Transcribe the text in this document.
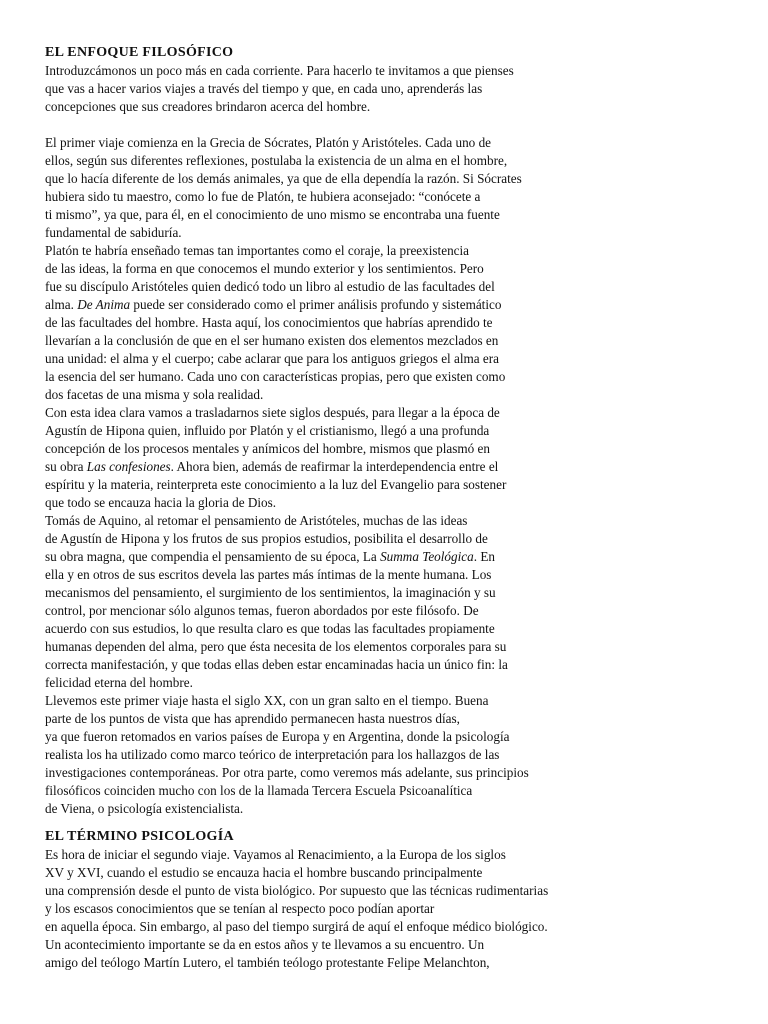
EL ENFOQUE FILOSÓFICO
Introduzcámonos un poco más en cada corriente. Para hacerlo te invitamos a que pienses
que vas a hacer varios viajes a través del tiempo y que, en cada uno, aprenderás las
concepciones que sus creadores brindaron acerca del hombre.
El primer viaje comienza en la Grecia de Sócrates, Platón y Aristóteles. Cada uno de
ellos, según sus diferentes reflexiones, postulaba la existencia de un alma en el hombre,
que lo hacía diferente de los demás animales, ya que de ella dependía la razón. Si Sócrates
hubiera sido tu maestro, como lo fue de Platón, te hubiera aconsejado: “conócete a
ti mismo”, ya que, para él, en el conocimiento de uno mismo se encontraba una fuente
fundamental de sabiduría.
Platón te habría enseñado temas tan importantes como el coraje, la preexistencia
de las ideas, la forma en que conocemos el mundo exterior y los sentimientos. Pero
fue su discípulo Aristóteles quien dedicó todo un libro al estudio de las facultades del
alma. De Anima puede ser considerado como el primer análisis profundo y sistemático
de las facultades del hombre. Hasta aquí, los conocimientos que habrías aprendido te
llevarían a la conclusión de que en el ser humano existen dos elementos mezclados en
una unidad: el alma y el cuerpo; cabe aclarar que para los antiguos griegos el alma era
la esencia del ser humano. Cada uno con características propias, pero que existen como
dos facetas de una misma y sola realidad.
Con esta idea clara vamos a trasladarnos siete siglos después, para llegar a la época de
Agustín de Hipona quien, influido por Platón y el cristianismo, llegó a una profunda
concepción de los procesos mentales y anímicos del hombre, mismos que plasmó en
su obra Las confesiones. Ahora bien, además de reafirmar la interdependencia entre el
espíritu y la materia, reinterpreta este conocimiento a la luz del Evangelio para sostener
que todo se encauza hacia la gloria de Dios.
Tomás de Aquino, al retomar el pensamiento de Aristóteles, muchas de las ideas
de Agustín de Hipona y los frutos de sus propios estudios, posibilita el desarrollo de
su obra magna, que compendia el pensamiento de su época, La Summa Teológica. En
ella y en otros de sus escritos devela las partes más íntimas de la mente humana. Los
mecanismos del pensamiento, el surgimiento de los sentimientos, la imaginación y su
control, por mencionar sólo algunos temas, fueron abordados por este filósofo. De
acuerdo con sus estudios, lo que resulta claro es que todas las facultades propiamente
humanas dependen del alma, pero que ésta necesita de los elementos corporales para su
correcta manifestación, y que todas ellas deben estar encaminadas hacia un único fin: la
felicidad eterna del hombre.
Llevemos este primer viaje hasta el siglo XX, con un gran salto en el tiempo. Buena
parte de los puntos de vista que has aprendido permanecen hasta nuestros días,
ya que fueron retomados en varios países de Europa y en Argentina, donde la psicología
realista los ha utilizado como marco teórico de interpretación para los hallazgos de las
investigaciones contemporáneas. Por otra parte, como veremos más adelante, sus principios
filosóficos coinciden mucho con los de la llamada Tercera Escuela Psicoanalítica
de Viena, o psicología existencialista.
EL TÉRMINO PSICOLOGÍA
Es hora de iniciar el segundo viaje. Vayamos al Renacimiento, a la Europa de los siglos
XV y XVI, cuando el estudio se encauza hacia el hombre buscando principalmente
una comprensión desde el punto de vista biológico. Por supuesto que las técnicas rudimentarias
y los escasos conocimientos que se tenían al respecto poco podían aportar
en aquella época. Sin embargo, al paso del tiempo surgirá de aquí el enfoque médico biológico.
Un acontecimiento importante se da en estos años y te llevamos a su encuentro. Un
amigo del teólogo Martín Lutero, el también teólogo protestante Felipe Melanchton,
